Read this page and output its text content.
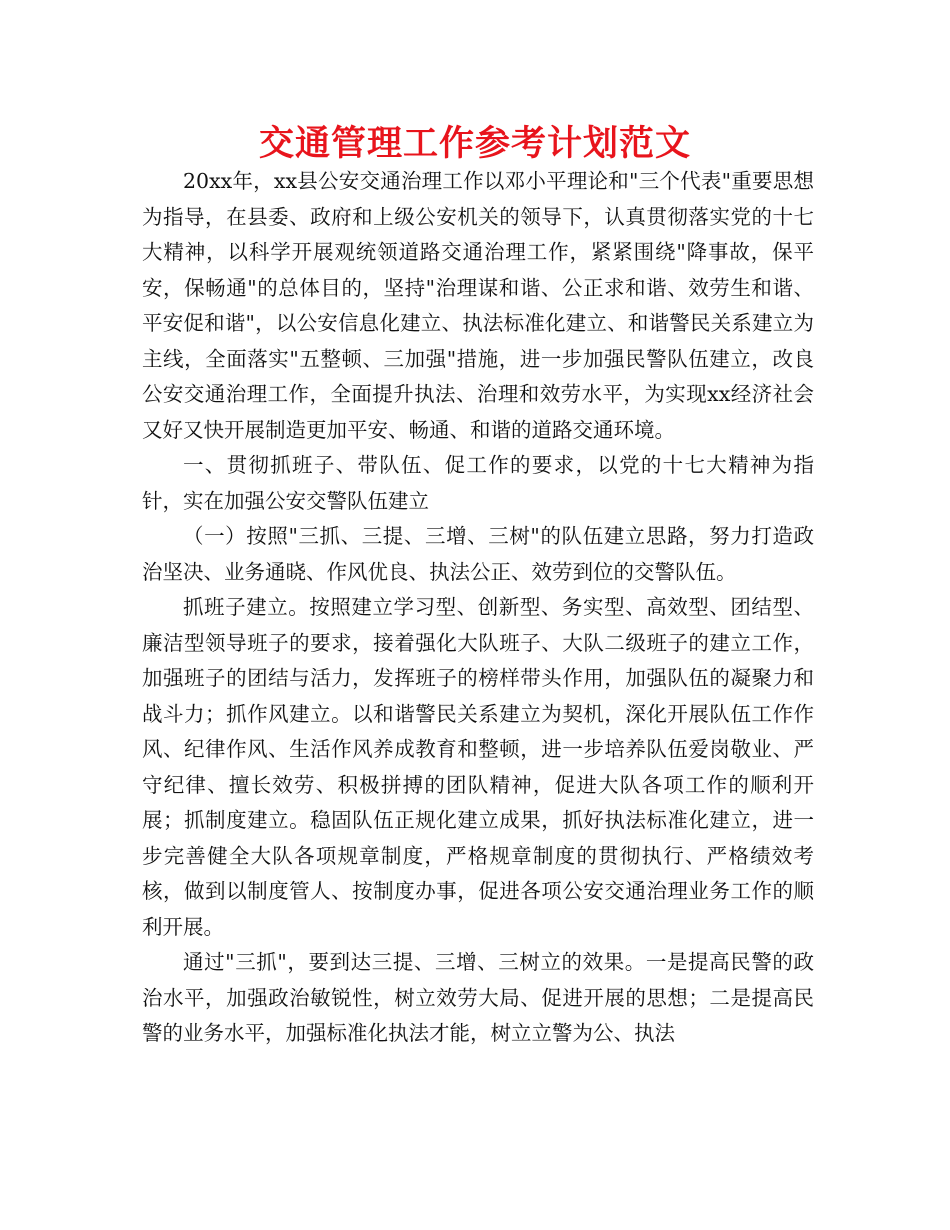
交通管理工作参考计划范文

20xx年，xx县公安交通治理工作以邓小平理论和"三个代表"重要思想为指导，在县委、政府和上级公安机关的领导下，认真贯彻落实党的十七大精神，以科学开展观统领道路交通治理工作，紧紧围绕"降事故，保平安，保畅通"的总体目的，坚持"治理谋和谐、公正求和谐、效劳生和谐、平安促和谐"，以公安信息化建立、执法标准化建立、和谐警民关系建立为主线，全面落实"五整顿、三加强"措施，进一步加强民警队伍建立，改良公安交通治理工作，全面提升执法、治理和效劳水平，为实现xx经济社会又好又快开展制造更加平安、畅通、和谐的道路交通环境。

一、贯彻抓班子、带队伍、促工作的要求，以党的十七大精神为指针，实在加强公安交警队伍建立

（一）按照"三抓、三提、三增、三树"的队伍建立思路，努力打造政治坚决、业务通晓、作风优良、执法公正、效劳到位的交警队伍。

抓班子建立。按照建立学习型、创新型、务实型、高效型、团结型、廉洁型领导班子的要求，接着强化大队班子、大队二级班子的建立工作，加强班子的团结与活力，发挥班子的榜样带头作用，加强队伍的凝聚力和战斗力；抓作风建立。以和谐警民关系建立为契机，深化开展队伍工作作风、纪律作风、生活作风养成教育和整顿，进一步培养队伍爱岗敬业、严守纪律、擅长效劳、积极拼搏的团队精神，促进大队各项工作的顺利开展；抓制度建立。稳固队伍正规化建立成果，抓好执法标准化建立，进一步完善健全大队各项规章制度，严格规章制度的贯彻执行、严格绩效考核，做到以制度管人、按制度办事，促进各项公安交通治理业务工作的顺利开展。

通过"三抓"，要到达三提、三增、三树立的效果。一是提高民警的政治水平，加强政治敏锐性，树立效劳大局、促进开展的思想；二是提高民警的业务水平，加强标准化执法才能，树立立警为公、执法
